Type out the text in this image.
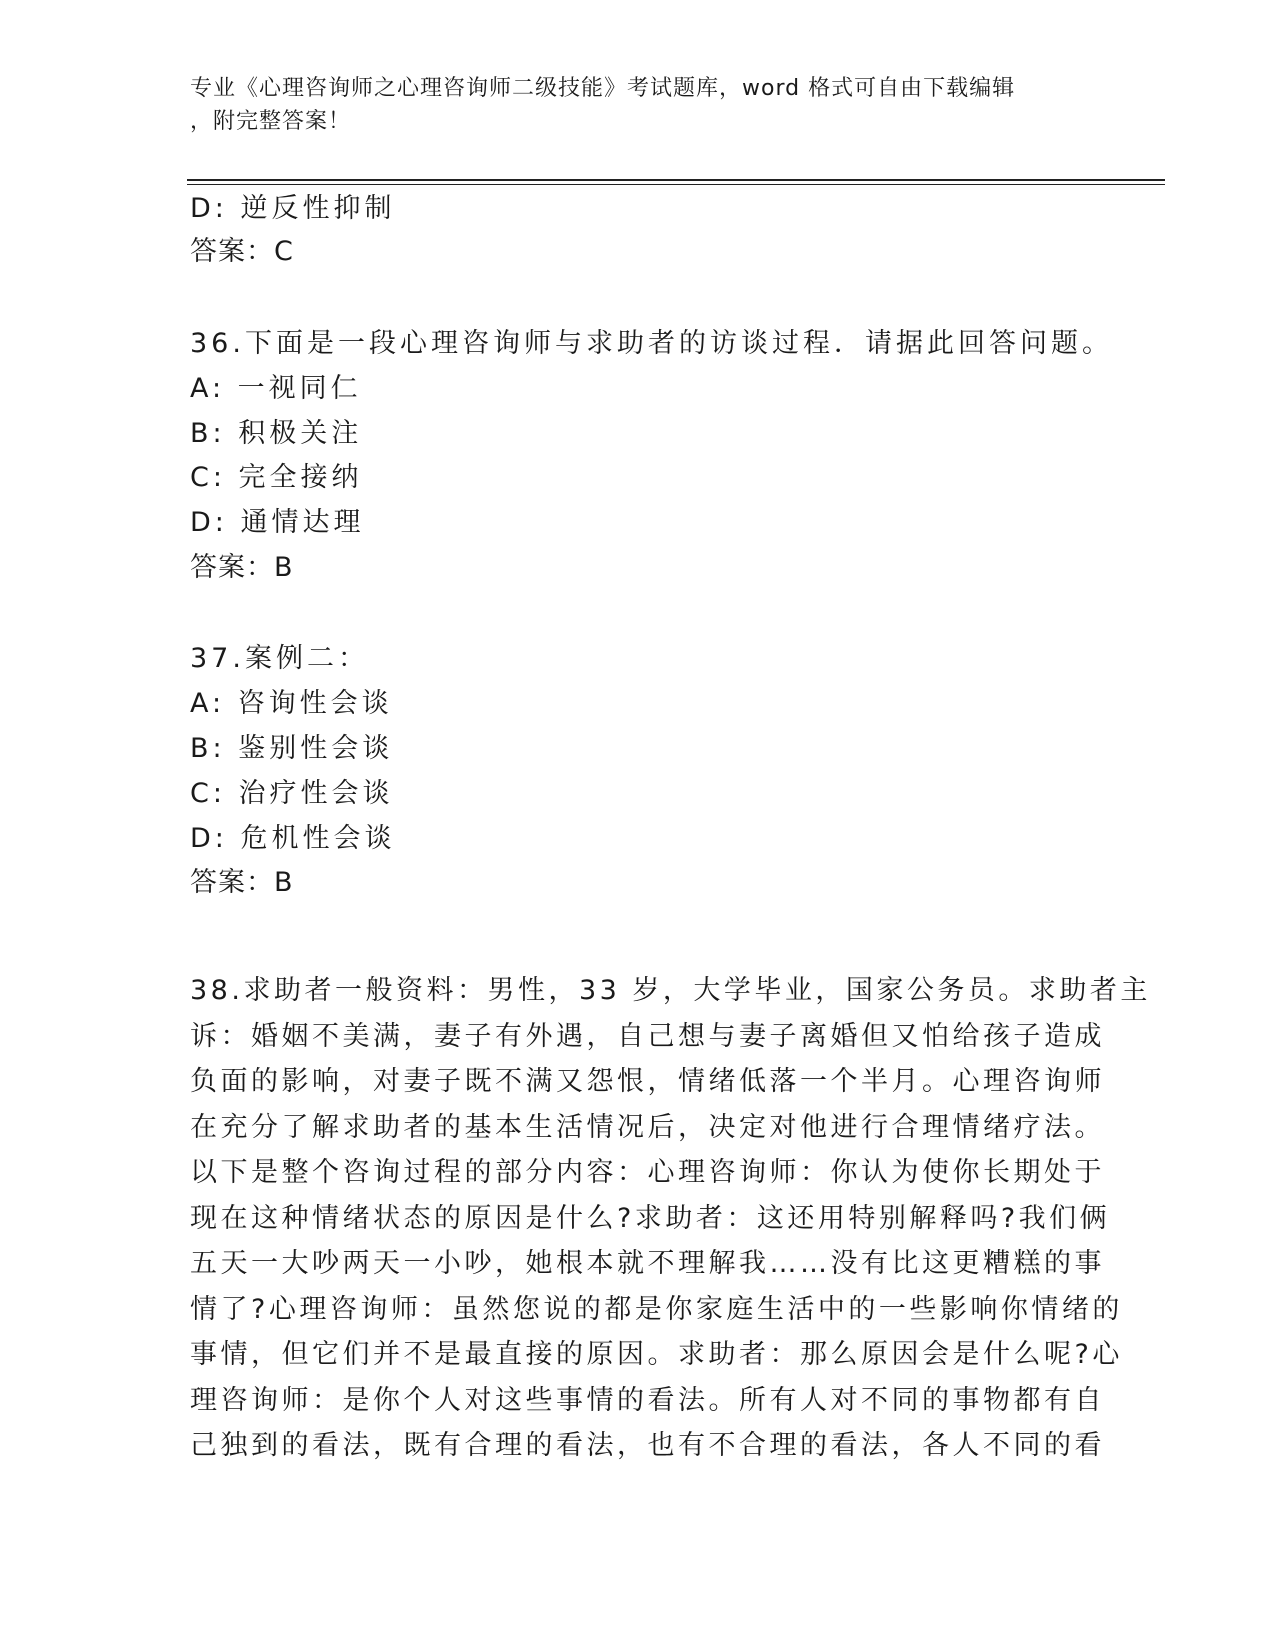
专业《心理咨询师之心理咨询师二级技能》考试题库，word 格式可自由下载编辑
，附完整答案！
D: 逆反性抑制
答案：C
36.下面是一段心理咨询师与求助者的访谈过程．请据此回答问题。
A: 一视同仁
B: 积极关注
C: 完全接纳
D: 通情达理
答案：B
37.案例二：
A: 咨询性会谈
B: 鉴别性会谈
C: 治疗性会谈
D: 危机性会谈
答案：B
38.求助者一般资料：男性，33 岁，大学毕业，国家公务员。求助者主
诉：婚姻不美满，妻子有外遇，自己想与妻子离婚但又怕给孩子造成
负面的影响，对妻子既不满又怨恨，情绪低落一个半月。心理咨询师
在充分了解求助者的基本生活情况后，决定对他进行合理情绪疗法。
以下是整个咨询过程的部分内容：心理咨询师：你认为使你长期处于
现在这种情绪状态的原因是什么?求助者：这还用特别解释吗?我们俩
五天一大吵两天一小吵，她根本就不理解我……没有比这更糟糕的事
情了?心理咨询师：虽然您说的都是你家庭生活中的一些影响你情绪的
事情，但它们并不是最直接的原因。求助者：那么原因会是什么呢?心
理咨询师：是你个人对这些事情的看法。所有人对不同的事物都有自
己独到的看法，既有合理的看法，也有不合理的看法，各人不同的看
